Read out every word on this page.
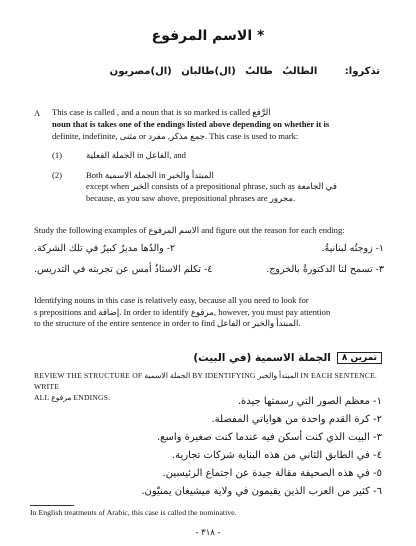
* الاسم المرفوع
تذكروا: الطالبُ طالبٌ (ال)طالبان (ال)مصريون
A This case is called , and a noun that is so marked is called الرَّفع
noun that is takes one of the endings listed above depending on whether it is
definite, indefinite, مثنى or جمع مذكر, مفرد. This case is used to mark:
(1)	الجملة الفعلية in الفاعل, and
(2)	Both الجملة الاسمية in المبتدأ والخبر
except when الخبر consists of a prepositional phrase, such as في الجامعة
because, as you saw above, prepositional phrases are مجرور.
Study the following examples of الاسم المرفوع and figure out the reason for each ending:
٢- والدُها مديرٌ كبيرٌ في تلك الشركة.	١- زوجتُه لبنانيةٌ.
٤- تكلم الاستاذُ أمس عن تجربته في التدريس.	٣- تسمح لنا الدكتورةُ بالخروج.
Identifying nouns in this case is relatively easy, because all you need to look for
s prepositions and إضافة. In order to identify مرفوع, however, you must pay attention
to the structure of the entire sentence in order to find الفاعل or المبتدأ والخبر.
تمرين ٨
الجملة الاسمية (في البيت)
REVIEW THE STRUCTURE OF الجملة الاسمية BY IDENTIFYING المبتدأ والخبر IN EACH SENTENCE. WRITE
ALL مرفوع ENDINGS.	١- معظم الصور التي رسمتها جيدة.
٢- كرة القدم واحدة من هواياتي المفضلة.
٣- البيت الذي كنت أسكن فيه عندما كنت صغيرة واسع.
٤- في الطابق الثاني من هذه البناية شركات تجارية.
٥- في هذه الصحيفة مقالة جيدة عن اجتماع الرئيسين.
٦- كثير من العرب الذين يقيمون في ولاية ميشيغان يمنيّون.
In English treatments of Arabic, this case is called the nominative.
- ٣١٨ -
